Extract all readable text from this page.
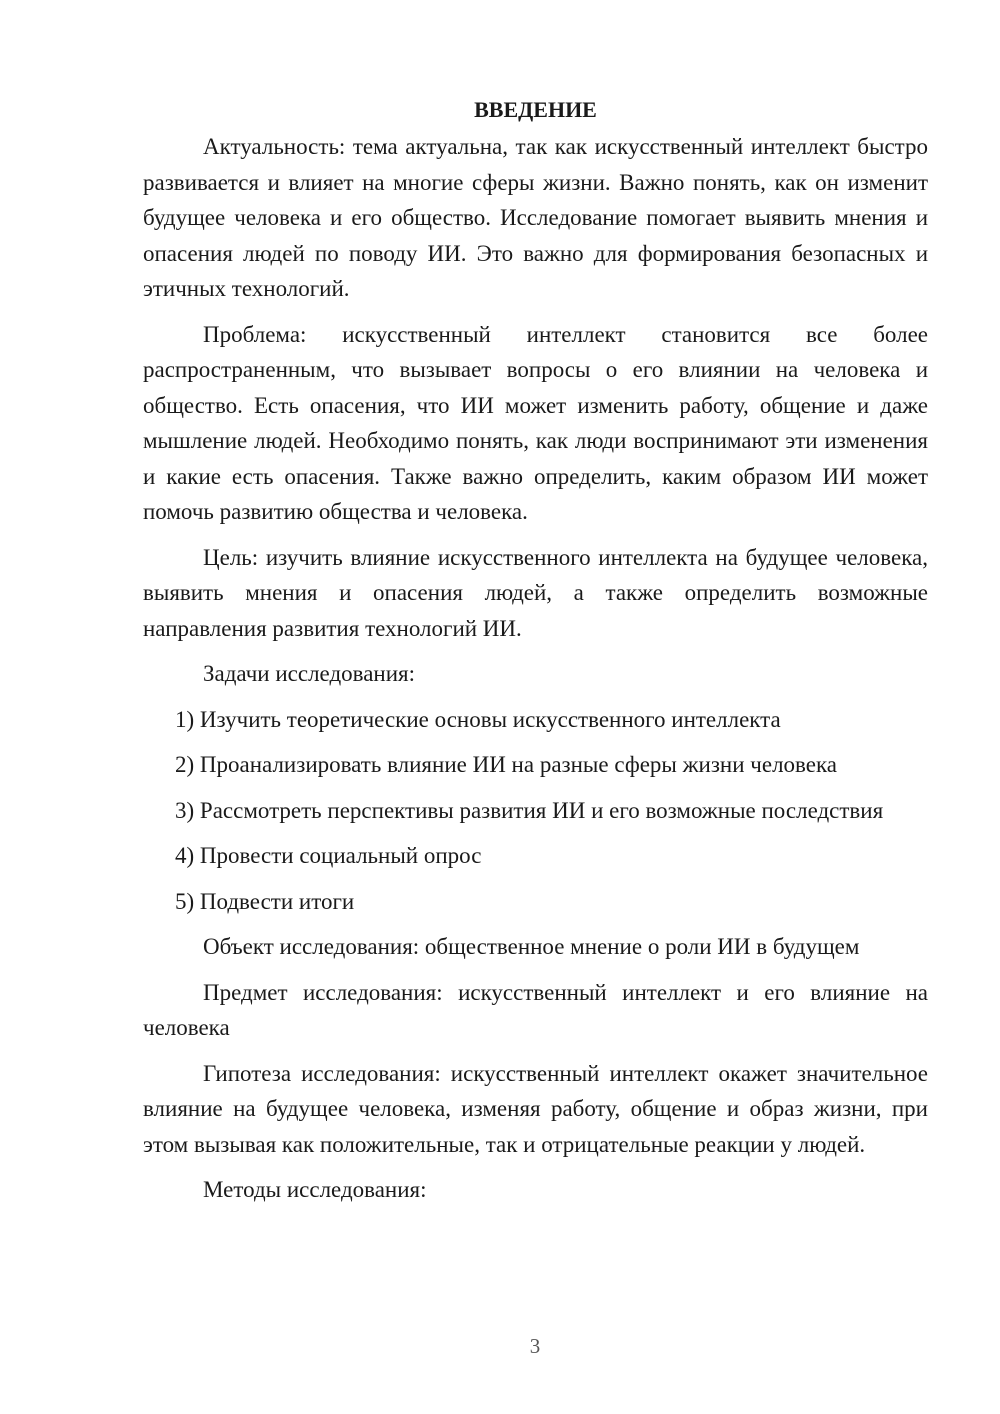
ВВЕДЕНИЕ

Актуальность: тема актуальна, так как искусственный интеллект быстро развивается и влияет на многие сферы жизни. Важно понять, как он изменит будущее человека и его общество. Исследование помогает выявить мнения и опасения людей по поводу ИИ. Это важно для формирования безопасных и этичных технологий.

Проблема: искусственный интеллект становится все более распространенным, что вызывает вопросы о его влиянии на человека и общество. Есть опасения, что ИИ может изменить работу, общение и даже мышление людей. Необходимо понять, как люди воспринимают эти изменения и какие есть опасения. Также важно определить, каким образом ИИ может помочь развитию общества и человека.

Цель: изучить влияние искусственного интеллекта на будущее человека, выявить мнения и опасения людей, а также определить возможные направления развития технологий ИИ.

Задачи исследования:

1) Изучить теоретические основы искусственного интеллекта

2) Проанализировать влияние ИИ на разные сферы жизни человека

3) Рассмотреть перспективы развития ИИ и его возможные последствия

4) Провести социальный опрос

5) Подвести итоги

Объект исследования: общественное мнение о роли ИИ в будущем

Предмет исследования: искусственный интеллект и его влияние на человека

Гипотеза исследования: искусственный интеллект окажет значительное влияние на будущее человека, изменяя работу, общение и образ жизни, при этом вызывая как положительные, так и отрицательные реакции у людей.

Методы исследования:

3
